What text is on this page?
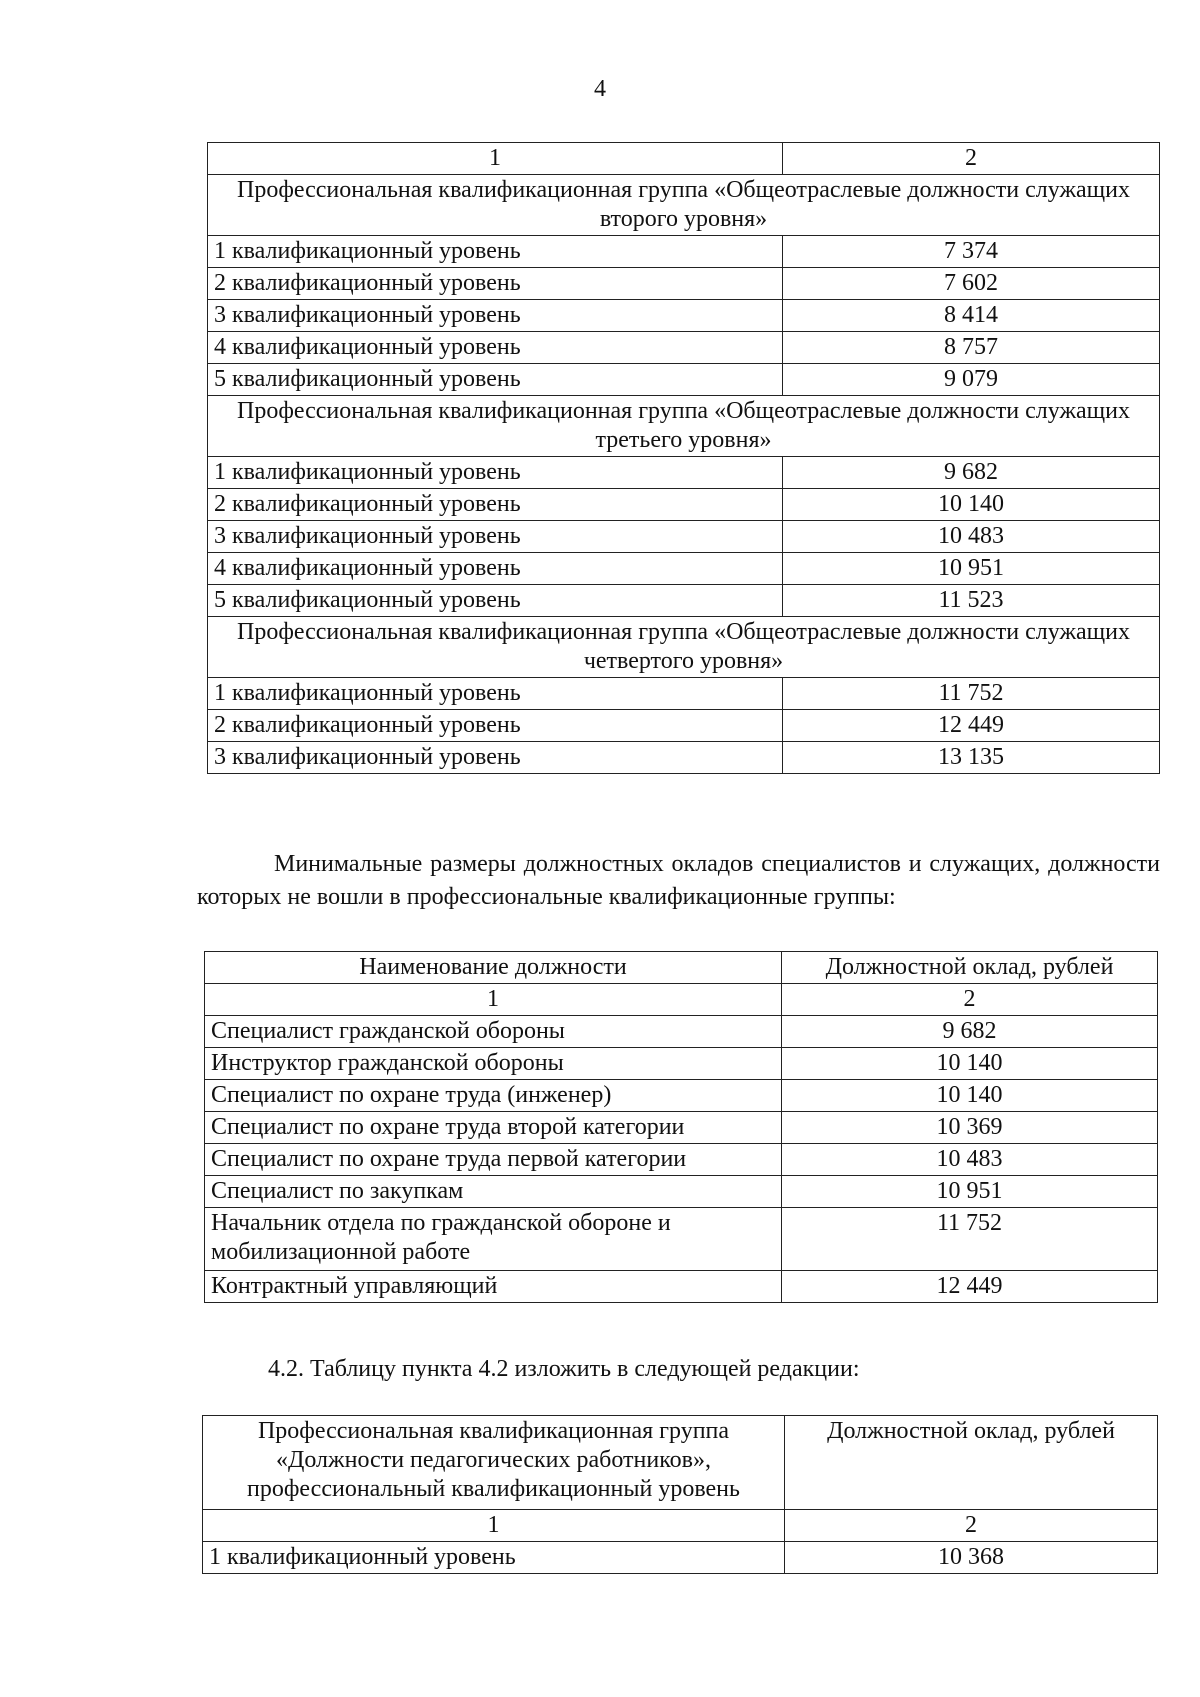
4
1	2
Профессиональная квалификационная группа «Общеотраслевые должности служащих второго уровня»	
1 квалификационный уровень	7 374
2 квалификационный уровень	7 602
3 квалификационный уровень	8 414
4 квалификационный уровень	8 757
5 квалификационный уровень	9 079
Профессиональная квалификационная группа «Общеотраслевые должности служащих третьего уровня»	
1 квалификационный уровень	9 682
2 квалификационный уровень	10 140
3 квалификационный уровень	10 483
4 квалификационный уровень	10 951
5 квалификационный уровень	11 523
Профессиональная квалификационная группа «Общеотраслевые должности служащих четвертого уровня»	
1 квалификационный уровень	11 752
2 квалификационный уровень	12 449
3 квалификационный уровень	13 135
Минимальные размеры должностных окладов специалистов и служащих, должности которых не вошли в профессиональные квалификационные группы:
Наименование должности	Должностной оклад, рублей
1	2
Специалист гражданской обороны	9 682
Инструктор гражданской обороны	10 140
Специалист по охране труда (инженер)	10 140
Специалист по охране труда второй категории	10 369
Специалист по охране труда первой категории	10 483
Специалист по закупкам	10 951
Начальник отдела по гражданской обороне и мобилизационной работе	11 752
Контрактный управляющий	12 449
4.2. Таблицу пункта 4.2 изложить в следующей редакции:
Профессиональная квалификационная группа «Должности педагогических работников», профессиональный квалификационный уровень	Должностной оклад, рублей
1	2
1 квалификационный уровень	10 368
